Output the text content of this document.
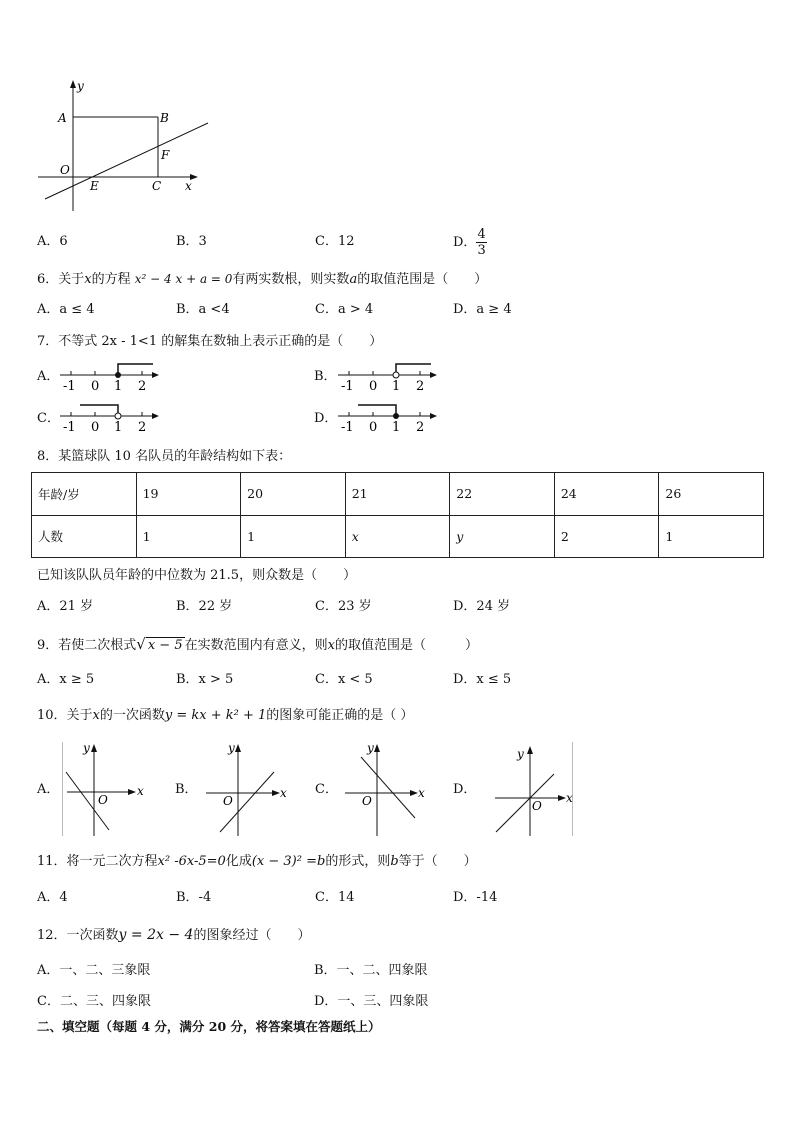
y
A	B
O
F
E	C x
A．6	B．3	C．12	D． $\frac{4}{3}$
6．关于x的方程 x² − 4 x + a = 0有两实数根，则实数a的取值范围是（　　）
A．a ≤ 4	B．a <4	C．a > 4	D．a ≥ 4
7．不等式 2x - 1<1 的解集在数轴上表示正确的是（　　）
A．
-1 0 1 2
B．
-1 0 1 2
C．
-1 0 1 2
D．
-1 0 1 2
8．某篮球队 10 名队员的年龄结构如下表：
年龄/岁	19	20	21	22	24	26
人数	1	1	x	y	2	1
已知该队队员年龄的中位数为 21.5，则众数是（　　）
A．21 岁	B．22 岁	C．23 岁	D．24 岁
9．若使二次根式√ x − 5 在实数范围内有意义，则x的取值范围是（　　　）
A．x ≥ 5	B．x > 5	C．x < 5	D．x ≤ 5
10．关于x的一次函数y = kx + k² + 1的图象可能正确的是（ ）
A．
y
x
O
B．
y
x
O
C．
y
x
O
D．
y
x
O
11．将一元二次方程x² -6x-5=0化成(x − 3)² =b的形式，则b等于（　　）
A．4	B．-4	C．14	D．-14
12．一次函数y = 2x − 4的图象经过（　　）
A．一、二、三象限	B．一、二、四象限
C．二、三、四象限	D．一、三、四象限
二、填空题（每题 4 分，满分 20 分，将答案填在答题纸上）
